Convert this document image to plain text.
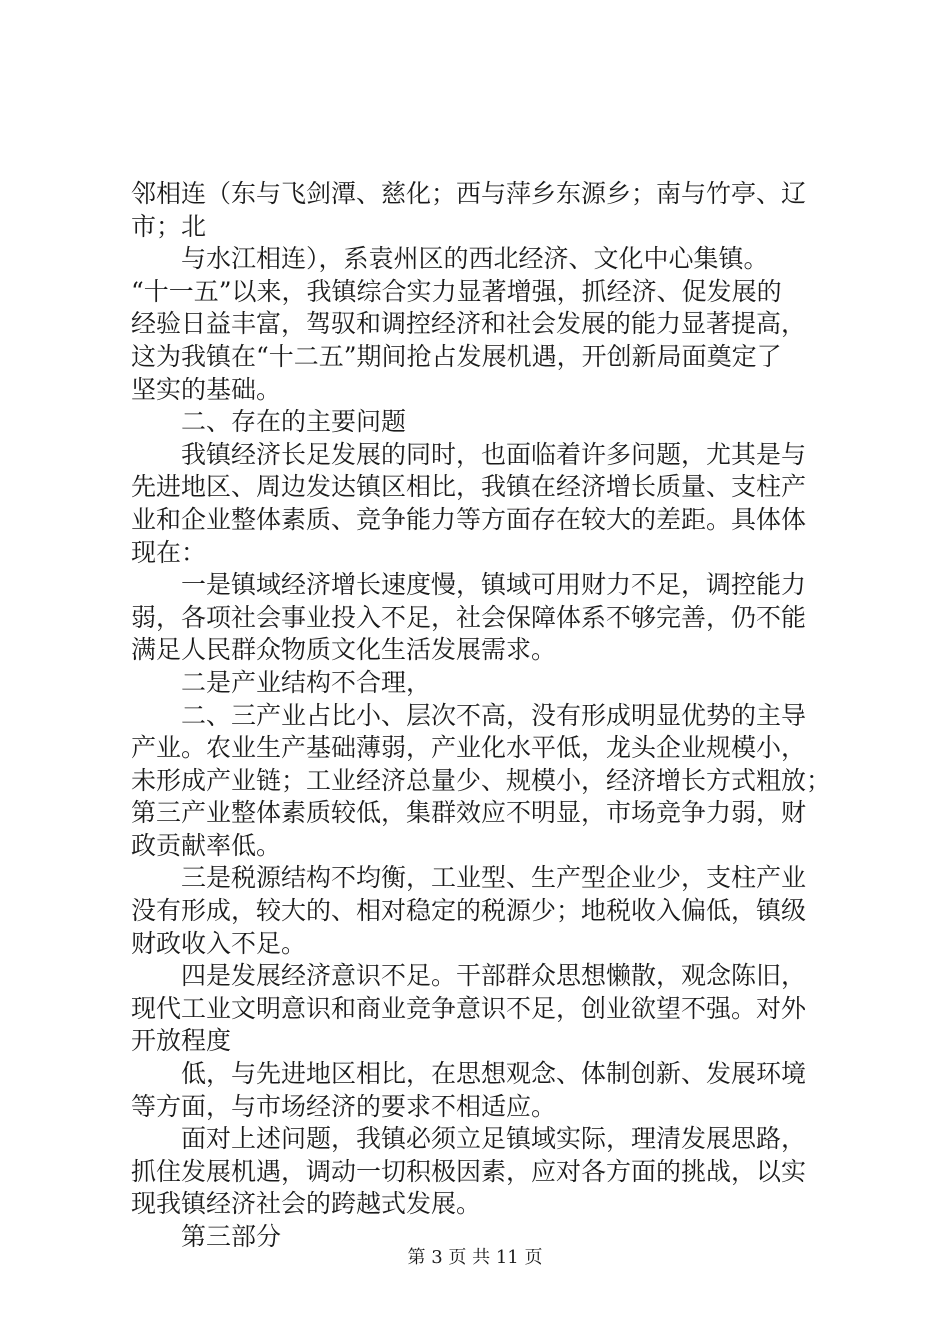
邻相连（东与飞剑潭、慈化；西与萍乡东源乡；南与竹亭、辽
市；北
　　与水江相连），系袁州区的西北经济、文化中心集镇。
“十一五”以来，我镇综合实力显著增强，抓经济、促发展的
经验日益丰富，驾驭和调控经济和社会发展的能力显著提高，
这为我镇在“十二五”期间抢占发展机遇，开创新局面奠定了
坚实的基础。
　　二、存在的主要问题
　　我镇经济长足发展的同时，也面临着许多问题，尤其是与
先进地区、周边发达镇区相比，我镇在经济增长质量、支柱产
业和企业整体素质、竞争能力等方面存在较大的差距。具体体
现在：
　　一是镇域经济增长速度慢，镇域可用财力不足，调控能力
弱，各项社会事业投入不足，社会保障体系不够完善，仍不能
满足人民群众物质文化生活发展需求。
　　二是产业结构不合理，
　　二、三产业占比小、层次不高，没有形成明显优势的主导
产业。农业生产基础薄弱，产业化水平低，龙头企业规模小，
未形成产业链；工业经济总量少、规模小，经济增长方式粗放；
第三产业整体素质较低，集群效应不明显，市场竞争力弱，财
政贡献率低。
　　三是税源结构不均衡，工业型、生产型企业少，支柱产业
没有形成，较大的、相对稳定的税源少；地税收入偏低，镇级
财政收入不足。
　　四是发展经济意识不足。干部群众思想懒散，观念陈旧，
现代工业文明意识和商业竞争意识不足，创业欲望不强。对外
开放程度
　　低，与先进地区相比，在思想观念、体制创新、发展环境
等方面，与市场经济的要求不相适应。
　　面对上述问题，我镇必须立足镇域实际，理清发展思路，
抓住发展机遇，调动一切积极因素，应对各方面的挑战，以实
现我镇经济社会的跨越式发展。
　　第三部分
第 3 页 共 11 页
